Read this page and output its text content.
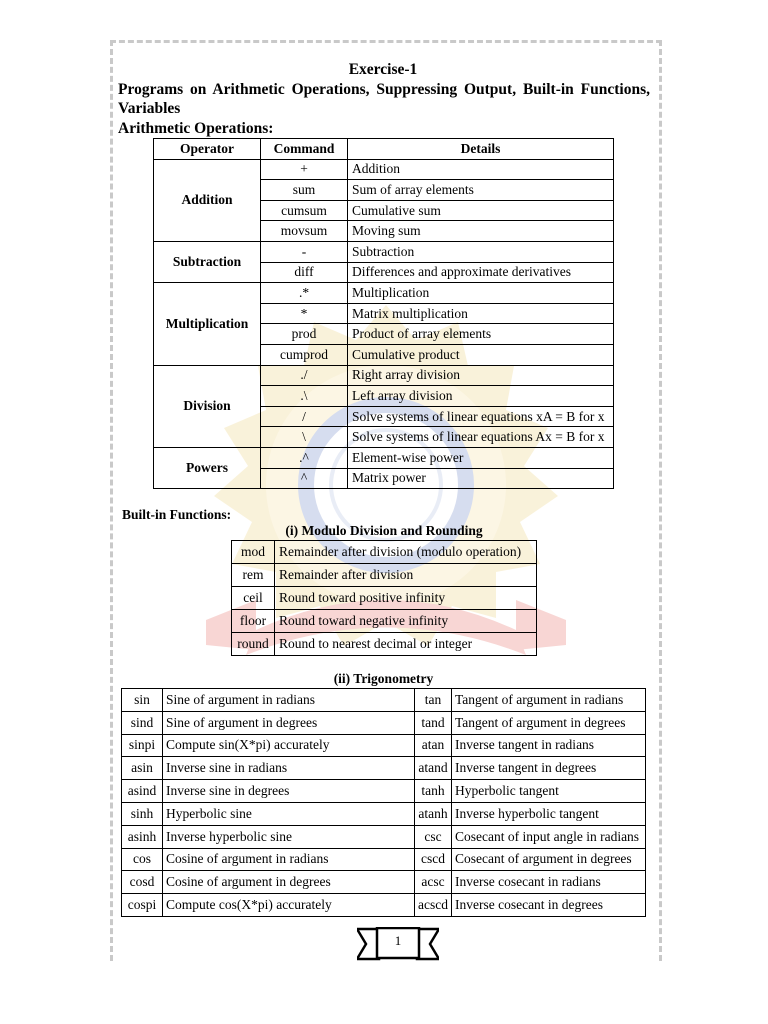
Exercise-1
Programs on Arithmetic Operations, Suppressing Output, Built-in Functions, Variables
Arithmetic Operations:
Operator	Command	Details
Addition	+	Addition
	sum	Sum of array elements
	cumsum	Cumulative sum
	movsum	Moving sum
Subtraction	-	Subtraction
	diff	Differences and approximate derivatives
Multiplication	.*	Multiplication
	*	Matrix multiplication
	prod	Product of array elements
	cumprod	Cumulative product
Division	./	Right array division
	.\	Left array division
	/	Solve systems of linear equations xA = B for x
	\	Solve systems of linear equations Ax = B for x
Powers	.^	Element-wise power
	^	Matrix power
Built-in Functions:
(i) Modulo Division and Rounding
mod	Remainder after division (modulo operation)
rem	Remainder after division
ceil	Round toward positive infinity
floor	Round toward negative infinity
round	Round to nearest decimal or integer
(ii) Trigonometry
sin	Sine of argument in radians	tan	Tangent of argument in radians
sind	Sine of argument in degrees	tand	Tangent of argument in degrees
sinpi	Compute sin(X*pi) accurately	atan	Inverse tangent in radians
asin	Inverse sine in radians	atand	Inverse tangent in degrees
asind	Inverse sine in degrees	tanh	Hyperbolic tangent
sinh	Hyperbolic sine	atanh	Inverse hyperbolic tangent
asinh	Inverse hyperbolic sine	csc	Cosecant of input angle in radians
cos	Cosine of argument in radians	cscd	Cosecant of argument in degrees
cosd	Cosine of argument in degrees	acsc	Inverse cosecant in radians
cospi	Compute cos(X*pi) accurately	acscd	Inverse cosecant in degrees
1
